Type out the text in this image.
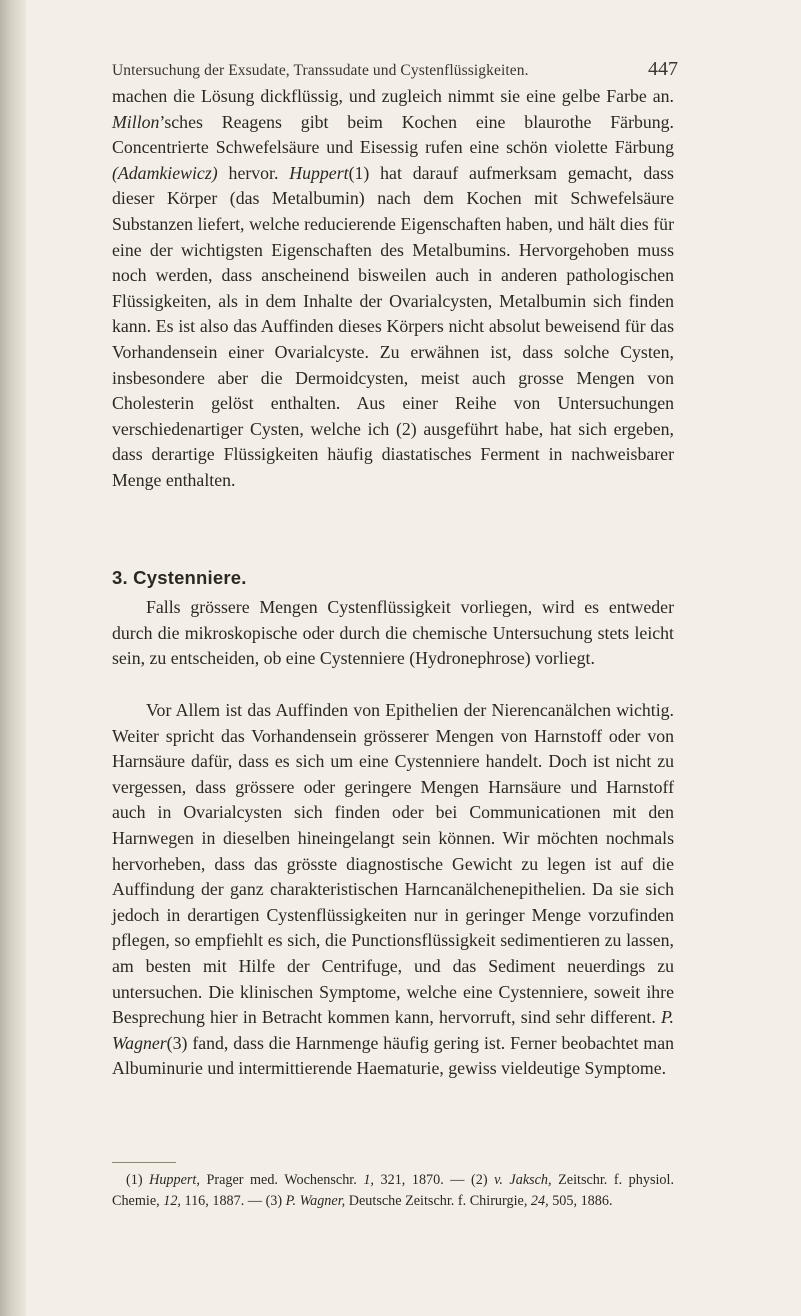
Untersuchung der Exsudate, Transsudate und Cystenflüssigkeiten.	447

machen die Lösung dickflüssig, und zugleich nimmt sie eine gelbe Farbe an. Millon’sches Reagens gibt beim Kochen eine blaurothe Färbung. Concentrierte Schwefelsäure und Eisessig rufen eine schön violette Färbung (Adamkiewicz) hervor. Huppert(1) hat darauf aufmerksam gemacht, dass dieser Körper (das Metalbumin) nach dem Kochen mit Schwefelsäure Substanzen liefert, welche reducierende Eigenschaften haben, und hält dies für eine der wichtigsten Eigenschaften des Metalbumins. Hervorgehoben muss noch werden, dass anscheinend bisweilen auch in anderen pathologischen Flüssigkeiten, als in dem Inhalte der Ovarialcysten, Metalbumin sich finden kann. Es ist also das Auffinden dieses Körpers nicht absolut beweisend für das Vorhandensein einer Ovarialcyste. Zu erwähnen ist, dass solche Cysten, insbesondere aber die Dermoidcysten, meist auch grosse Mengen von Cholesterin gelöst enthalten. Aus einer Reihe von Untersuchungen verschiedenartiger Cysten, welche ich (2) ausgeführt habe, hat sich ergeben, dass derartige Flüssigkeiten häufig diastatisches Ferment in nachweisbarer Menge enthalten.

3. Cystenniere.

Falls grössere Mengen Cystenflüssigkeit vorliegen, wird es entweder durch die mikroskopische oder durch die chemische Untersuchung stets leicht sein, zu entscheiden, ob eine Cystenniere (Hydronephrose) vorliegt.

Vor Allem ist das Auffinden von Epithelien der Nierencanälchen wichtig. Weiter spricht das Vorhandensein grösserer Mengen von Harnstoff oder von Harnsäure dafür, dass es sich um eine Cystenniere handelt. Doch ist nicht zu vergessen, dass grössere oder geringere Mengen Harnsäure und Harnstoff auch in Ovarialcysten sich finden oder bei Communicationen mit den Harnwegen in dieselben hineingelangt sein können. Wir möchten nochmals hervorheben, dass das grösste diagnostische Gewicht zu legen ist auf die Auffindung der ganz charakteristischen Harncanälchenepithelien. Da sie sich jedoch in derartigen Cystenflüssigkeiten nur in geringer Menge vorzufinden pflegen, so empfiehlt es sich, die Punctionsflüssigkeit sedimentieren zu lassen, am besten mit Hilfe der Centrifuge, und das Sediment neuerdings zu untersuchen. Die klinischen Symptome, welche eine Cystenniere, soweit ihre Besprechung hier in Betracht kommen kann, hervorruft, sind sehr different. P. Wagner(3) fand, dass die Harnmenge häufig gering ist. Ferner beobachtet man Albuminurie und intermittierende Haematurie, gewiss vieldeutige Symptome.

(1) Huppert, Prager med. Wochenschr. 1, 321, 1870. — (2) v. Jaksch, Zeitschr. f. physiol. Chemie, 12, 116, 1887. — (3) P. Wagner, Deutsche Zeitschr. f. Chirurgie, 24, 505, 1886.
